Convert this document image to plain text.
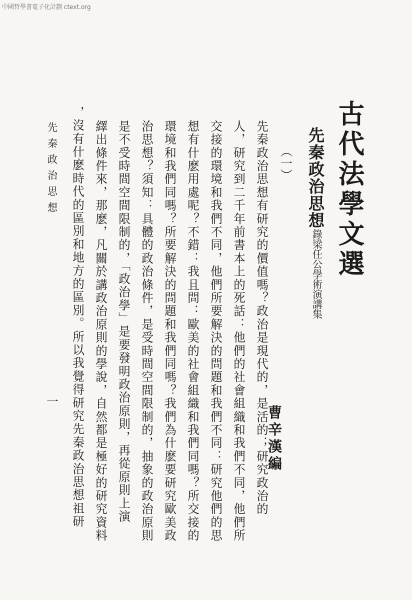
中國哲學書電子化計劃 ctext.org
古代法學文選
先秦政治思想錄梁任公學術演講集
曹辛漢編
（一）
先秦政治思想有研究的價值嗎？政治是現代的，是活的；研究政治的
人，研究到二千年前書本上的死話：他們的社會組織和我們不同，他們所
交接的環境和我們不同，他們所要解決的問題和我們不同：研究他們的思
想有什麽用處呢？不錯：我且問：歐美的社會組織和我們同嗎？所交接的
環境和我們同嗎？所要解決的問題和我們同嗎？我們為什麽要研究歐美政
治思想？須知：具體的政治條件，是受時間空間限制的，抽象的政治原則
是不受時間空間限制的，「政治學」是要發明政治原則，再從原則上演
繹出條件來，那麽，凡關於講政治原則的學說，自然都是極好的研究資料
，沒有什麽時代的區別和地方的區別。所以我覺得研究先秦政治思想祖研
先秦政治思想
一
